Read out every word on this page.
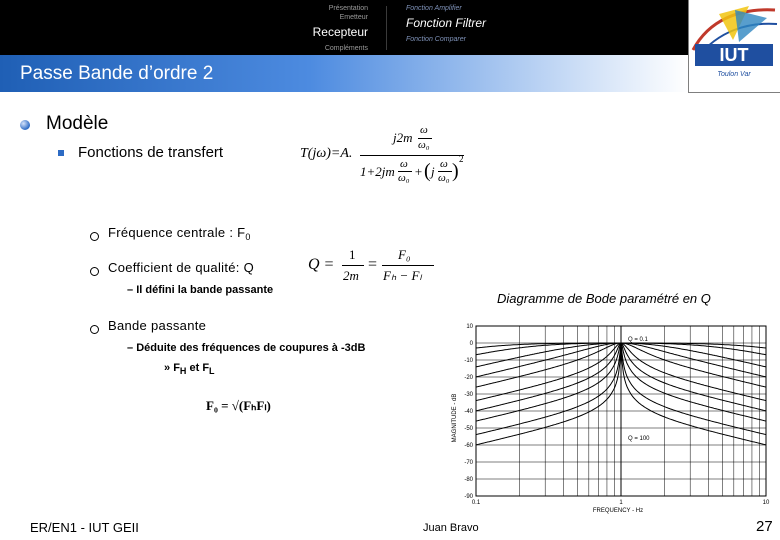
Présentation
Emetteur
Recepteur
Compléments
Fonction Amplifier
Fonction Filtrer
Fonction Comparer
IUT
Toulon Var
Passe Bande d’ordre 2
Modèle
Fonctions de transfert	T(jω)=A.
j2m ω
ω₀
1+2jm ω
ω₀ + ( j ω
ω₀ )
2
Fréquence centrale : $F_0$
Coefficient de qualité: Q	Q =
1
2m
=
F₀
Fₕ − Fₗ
– Il défini la bande passante
Diagramme de Bode paramétré en Q
Bande passante
– Déduite des fréquences de coupures à -3dB
» $F_H$ et $F_L$
F₀ = √(FₕFₗ)
10
0
-10
-20
-30
-40
-50
-60
-70
-80
-90
0.1	1	10
MAGNITUDE - dB
FREQUENCY - Hz
Q = 0.1
Q = 100
ER/EN1 - IUT GEII	Juan Bravo	27
